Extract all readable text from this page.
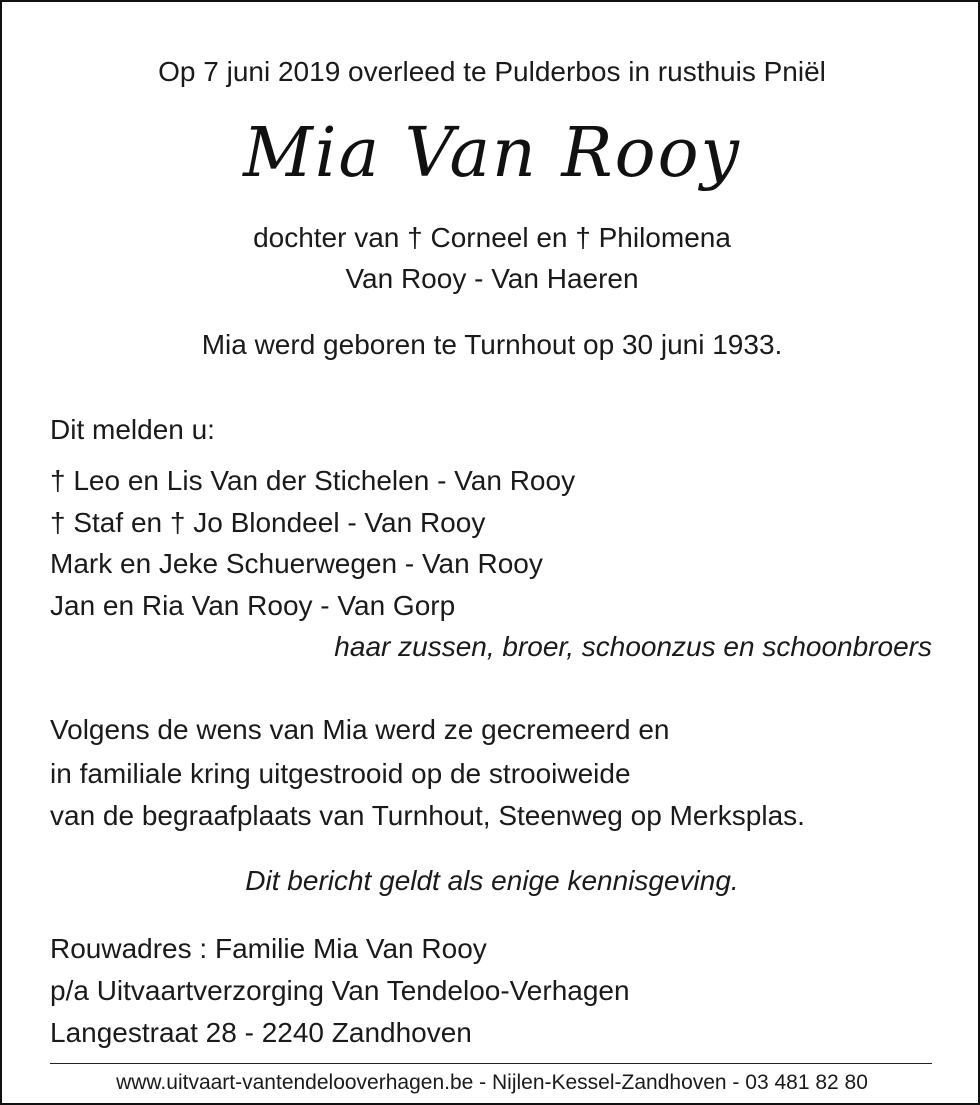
Op 7 juni 2019 overleed te Pulderbos in rusthuis Pniël
Mia Van Rooy
dochter van † Corneel en † Philomena
Van Rooy - Van Haeren
Mia werd geboren te Turnhout op 30 juni 1933.
Dit melden u:
† Leo en Lis Van der Stichelen - Van Rooy
† Staf en † Jo Blondeel - Van Rooy
Mark en Jeke Schuerwegen - Van Rooy
Jan en Ria Van Rooy - Van Gorp
haar zussen, broer, schoonzus en schoonbroers
Volgens de wens van Mia werd ze gecremeerd en
in familiale kring uitgestrooid op de strooiweide
van de begraafplaats van Turnhout, Steenweg op Merksplas.
Dit bericht geldt als enige kennisgeving.
Rouwadres : Familie Mia Van Rooy
p/a Uitvaartverzorging Van Tendeloo-Verhagen
Langestraat 28 - 2240 Zandhoven
www.uitvaart-vantendelooverhagen.be - Nijlen-Kessel-Zandhoven - 03 481 82 80
